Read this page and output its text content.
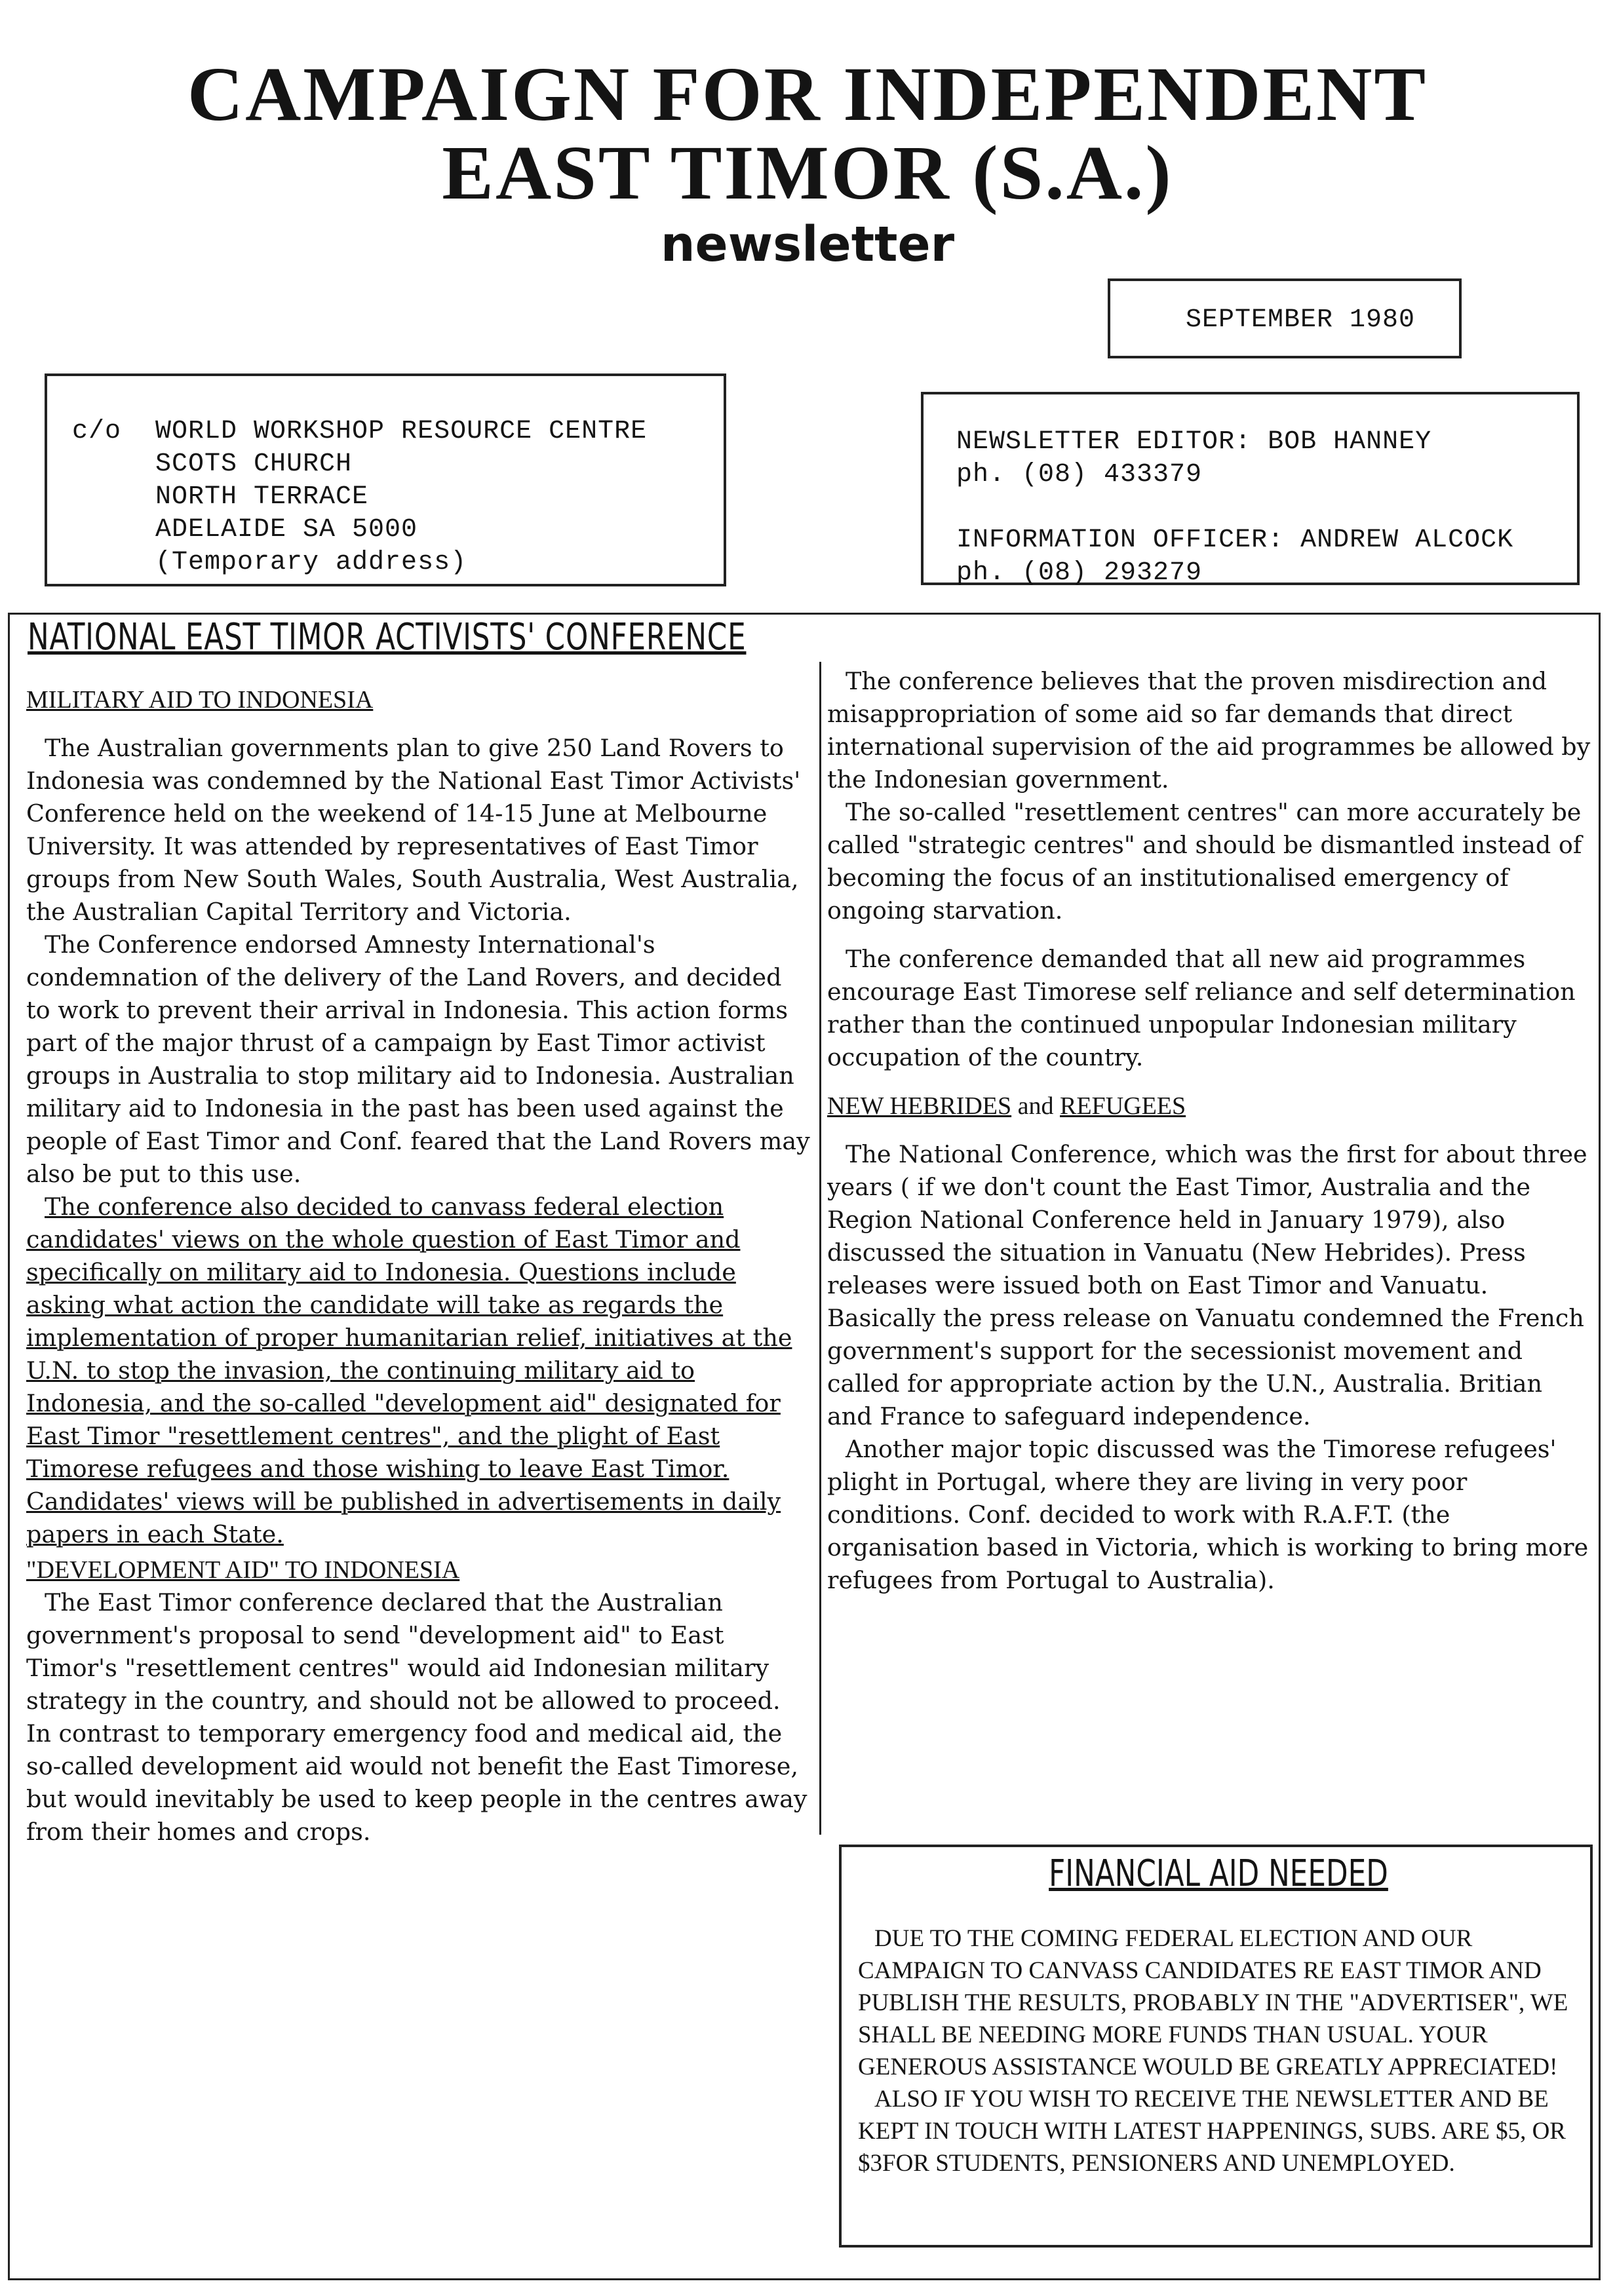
CAMPAIGN FOR INDEPENDENT
EAST TIMOR (S.A.)
newsletter
SEPTEMBER 1980
c/o WORLD WORKSHOP RESOURCE CENTRE
SCOTS CHURCH
NORTH TERRACE
ADELAIDE SA 5000
(Temporary address)
NEWSLETTER EDITOR: BOB HANNEY
ph. (08) 433379
INFORMATION OFFICER: ANDREW ALCOCK
ph. (08) 293279
NATIONAL EAST TIMOR ACTIVISTS' CONFERENCE

MILITARY AID TO INDONESIA

The Australian governments plan to give 250 Land Rovers to Indonesia was condemned by the National East Timor Activists' Conference held on the weekend of 14-15 June at Melbourne University. It was attended by representatives of East Timor groups from New South Wales, South Australia, West Australia, the Australian Capital Territory and Victoria.

The Conference endorsed Amnesty International's condemnation of the delivery of the Land Rovers, and decided to work to prevent their arrival in Indonesia. This action forms part of the major thrust of a campaign by East Timor activist groups in Australia to stop military aid to Indonesia. Australian military aid to Indonesia in the past has been used against the people of East Timor and Conf. feared that the Land Rovers may also be put to this use.

The conference also decided to canvass federal election candidates' views on the whole question of East Timor and specifically on military aid to Indonesia. Questions include asking what action the candidate will take as regards the implementation of proper humanitarian relief, initiatives at the U.N. to stop the invasion, the continuing military aid to Indonesia, and the so-called "development aid" designated for East Timor "resettlement centres", and the plight of East Timorese refugees and those wishing to leave East Timor. Candidates' views will be published in advertisements in daily papers in each State.

"DEVELOPMENT AID" TO INDONESIA

The East Timor conference declared that the Australian government's proposal to send "development aid" to East Timor's "resettlement centres" would aid Indonesian military strategy in the country, and should not be allowed to proceed. In contrast to temporary emergency food and medical aid, the so-called development aid would not benefit the East Timorese, but would inevitably be used to keep people in the centres away from their homes and crops.

The conference believes that the proven misdirection and misappropriation of some aid so far demands that direct international supervision of the aid programmes be allowed by the Indonesian government.

The so-called "resettlement centres" can more accurately be called "strategic centres" and should be dismantled instead of becoming the focus of an institutionalised emergency of ongoing starvation.

The conference demanded that all new aid programmes encourage East Timorese self reliance and self determination rather than the continued unpopular Indonesian military occupation of the country.

NEW HEBRIDES and REFUGEES

The National Conference, which was the first for about three years ( if we don't count the East Timor, Australia and the Region National Conference held in January 1979), also discussed the situation in Vanuatu (New Hebrides). Press releases were issued both on East Timor and Vanuatu. Basically the press release on Vanuatu condemned the French government's support for the secessionist movement and called for appropriate action by the U.N., Australia. Britian and France to safeguard independence.

Another major topic discussed was the Timorese refugees' plight in Portugal, where they are living in very poor conditions. Conf. decided to work with R.A.F.T. (the organisation based in Victoria, which is working to bring more refugees from Portugal to Australia).

FINANCIAL AID NEEDED

DUE TO THE COMING FEDERAL ELECTION AND OUR CAMPAIGN TO CANVASS CANDIDATES RE EAST TIMOR AND PUBLISH THE RESULTS, PROBABLY IN THE "ADVERTISER", WE SHALL BE NEEDING MORE FUNDS THAN USUAL. YOUR GENEROUS ASSISTANCE WOULD BE GREATLY APPRECIATED!

ALSO IF YOU WISH TO RECEIVE THE NEWSLETTER AND BE KEPT IN TOUCH WITH LATEST HAPPENINGS, SUBS. ARE $5, OR $3FOR STUDENTS, PENSIONERS AND UNEMPLOYED.
